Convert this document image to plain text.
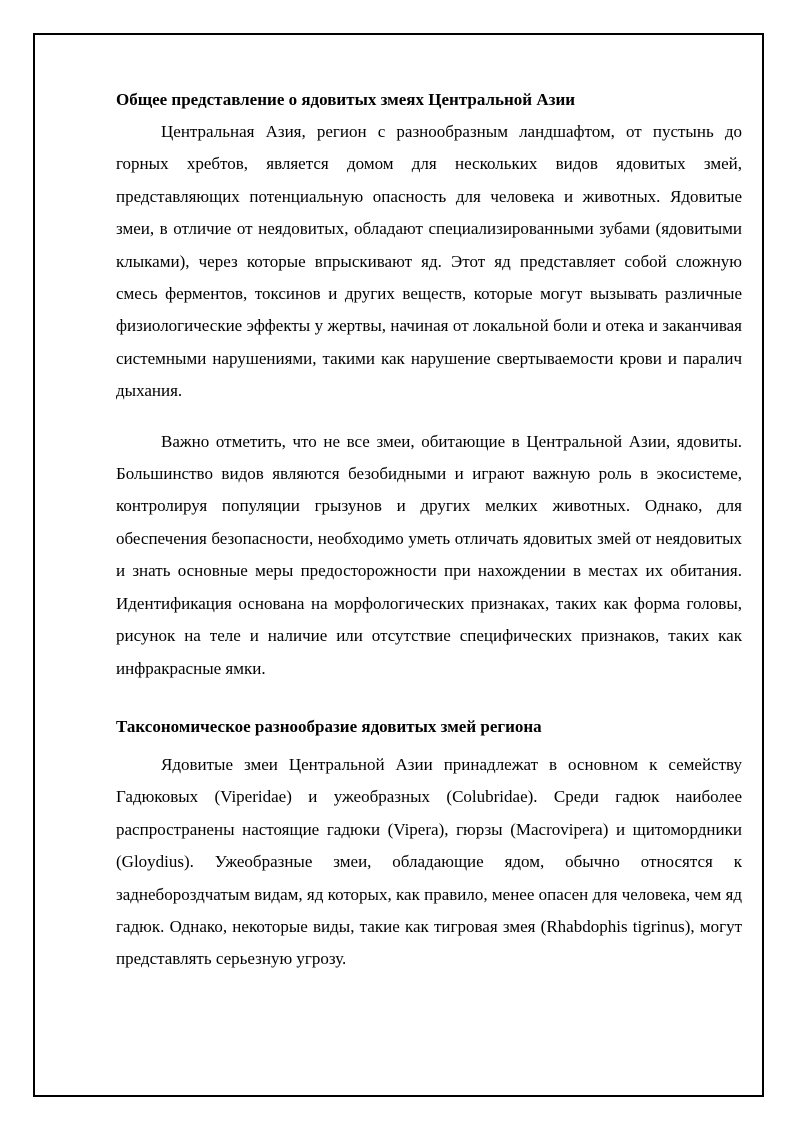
Общее представление о ядовитых змеях Центральной Азии

Центральная Азия, регион с разнообразным ландшафтом, от пустынь до горных хребтов, является домом для нескольких видов ядовитых змей, представляющих потенциальную опасность для человека и животных. Ядовитые змеи, в отличие от неядовитых, обладают специализированными зубами (ядовитыми клыками), через которые впрыскивают яд. Этот яд представляет собой сложную смесь ферментов, токсинов и других веществ, которые могут вызывать различные физиологические эффекты у жертвы, начиная от локальной боли и отека и заканчивая системными нарушениями, такими как нарушение свертываемости крови и паралич дыхания.

Важно отметить, что не все змеи, обитающие в Центральной Азии, ядовиты. Большинство видов являются безобидными и играют важную роль в экосистеме, контролируя популяции грызунов и других мелких животных. Однако, для обеспечения безопасности, необходимо уметь отличать ядовитых змей от неядовитых и знать основные меры предосторожности при нахождении в местах их обитания. Идентификация основана на морфологических признаках, таких как форма головы, рисунок на теле и наличие или отсутствие специфических признаков, таких как инфракрасные ямки.

Таксономическое разнообразие ядовитых змей региона

Ядовитые змеи Центральной Азии принадлежат в основном к семейству Гадюковых (Viperidae) и ужеобразных (Colubridae). Среди гадюк наиболее распространены настоящие гадюки (Vipera), гюрзы (Macrovipera) и щитомордники (Gloydius). Ужеобразные змеи, обладающие ядом, обычно относятся к заднебороздчатым видам, яд которых, как правило, менее опасен для человека, чем яд гадюк. Однако, некоторые виды, такие как тигровая змея (Rhabdophis tigrinus), могут представлять серьезную угрозу.
